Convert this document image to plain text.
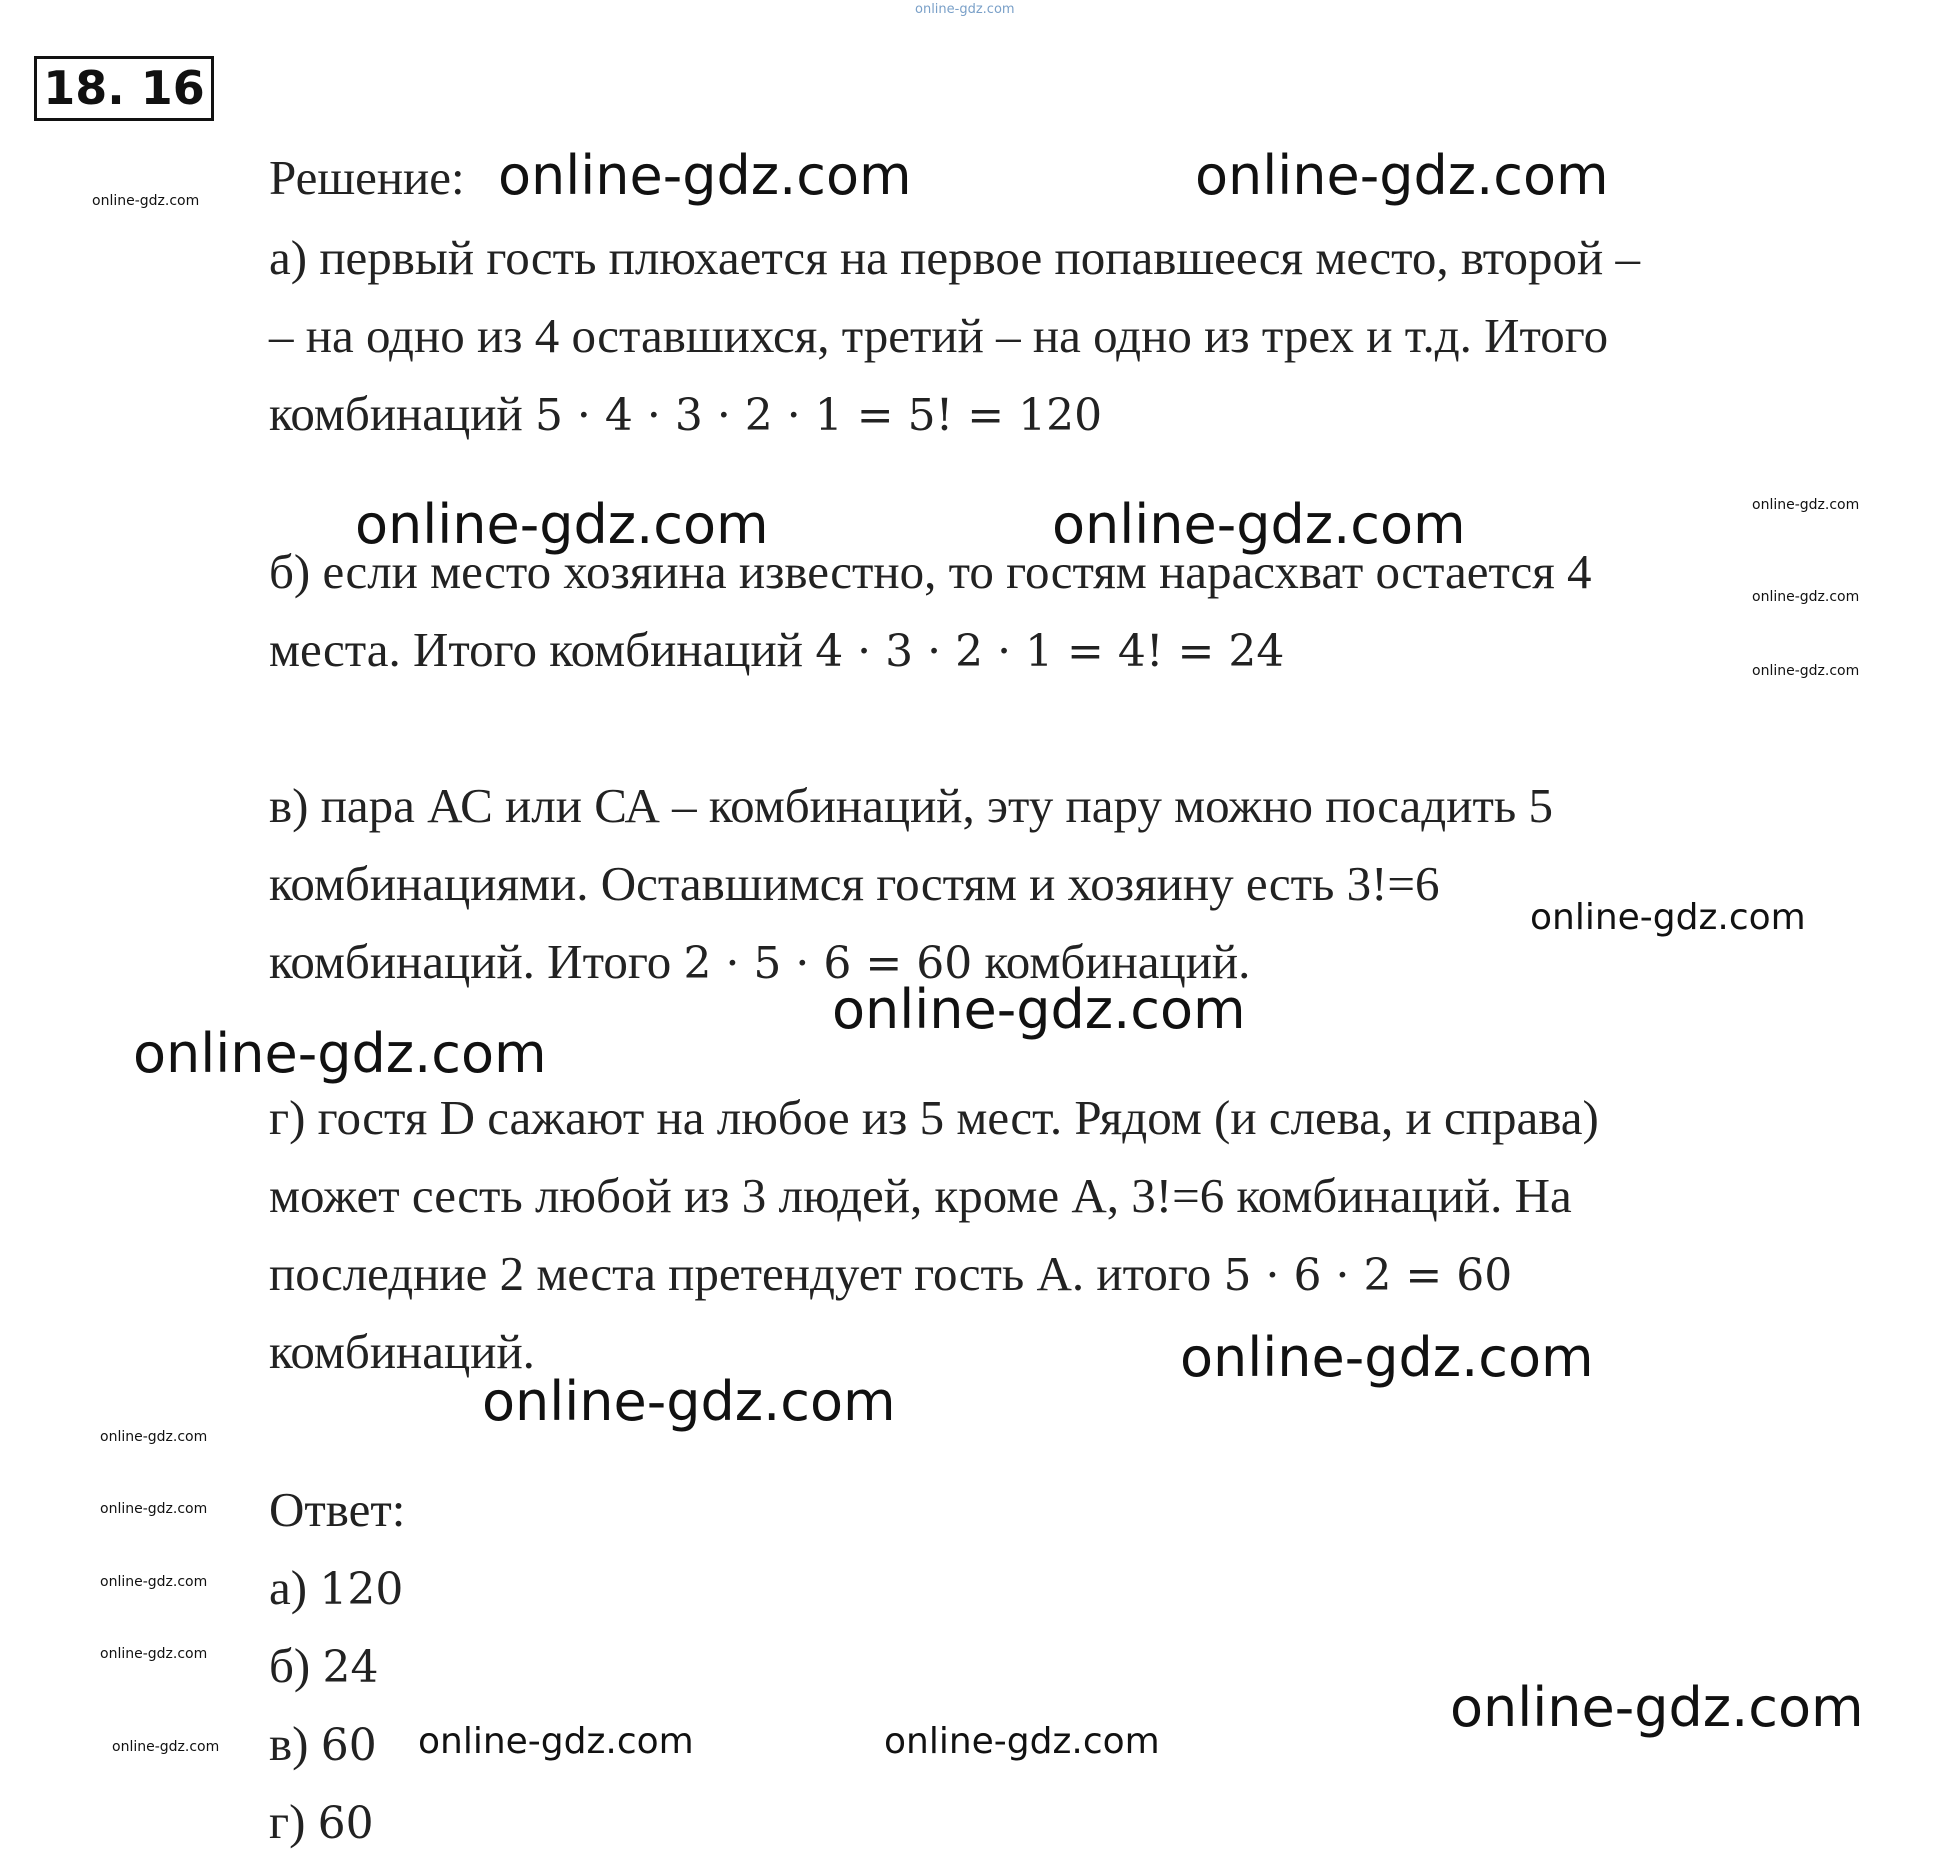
18. 16
Решение:
а) первый гость плюхается на первое попавшееся место, второй –
– на одно из 4 оставшихся, третий – на одно из трех и т.д. Итого
комбинаций 5 · 4 · 3 · 2 · 1 = 5! = 120
б) если место хозяина известно, то гостям нарасхват остается 4
места. Итого комбинаций 4 · 3 · 2 · 1 = 4! = 24
в) пара АС или СА – комбинаций, эту пару можно посадить 5
комбинациями. Оставшимся гостям и хозяину есть 3!=6
комбинаций. Итого 2 · 5 · 6 = 60 комбинаций.
г) гостя D сажают на любое из 5 мест. Рядом (и слева, и справа)
может сесть любой из 3 людей, кроме А, 3!=6 комбинаций. На
последние 2 места претендует гость А. итого 5 · 6 · 2 = 60
комбинаций.
Ответ:
а) 120
б) 24
в) 60
г) 60
online-gdz.com
online-gdz.com	online-gdz.com
online-gdz.com	online-gdz.com
online-gdz.com
online-gdz.com
online-gdz.com
online-gdz.com
online-gdz.com
online-gdz.com
online-gdz.com	online-gdz.com
online-gdz.com
online-gdz.com
online-gdz.com
online-gdz.com
online-gdz.com
online-gdz.com
online-gdz.com
online-gdz.com
online-gdz.com
